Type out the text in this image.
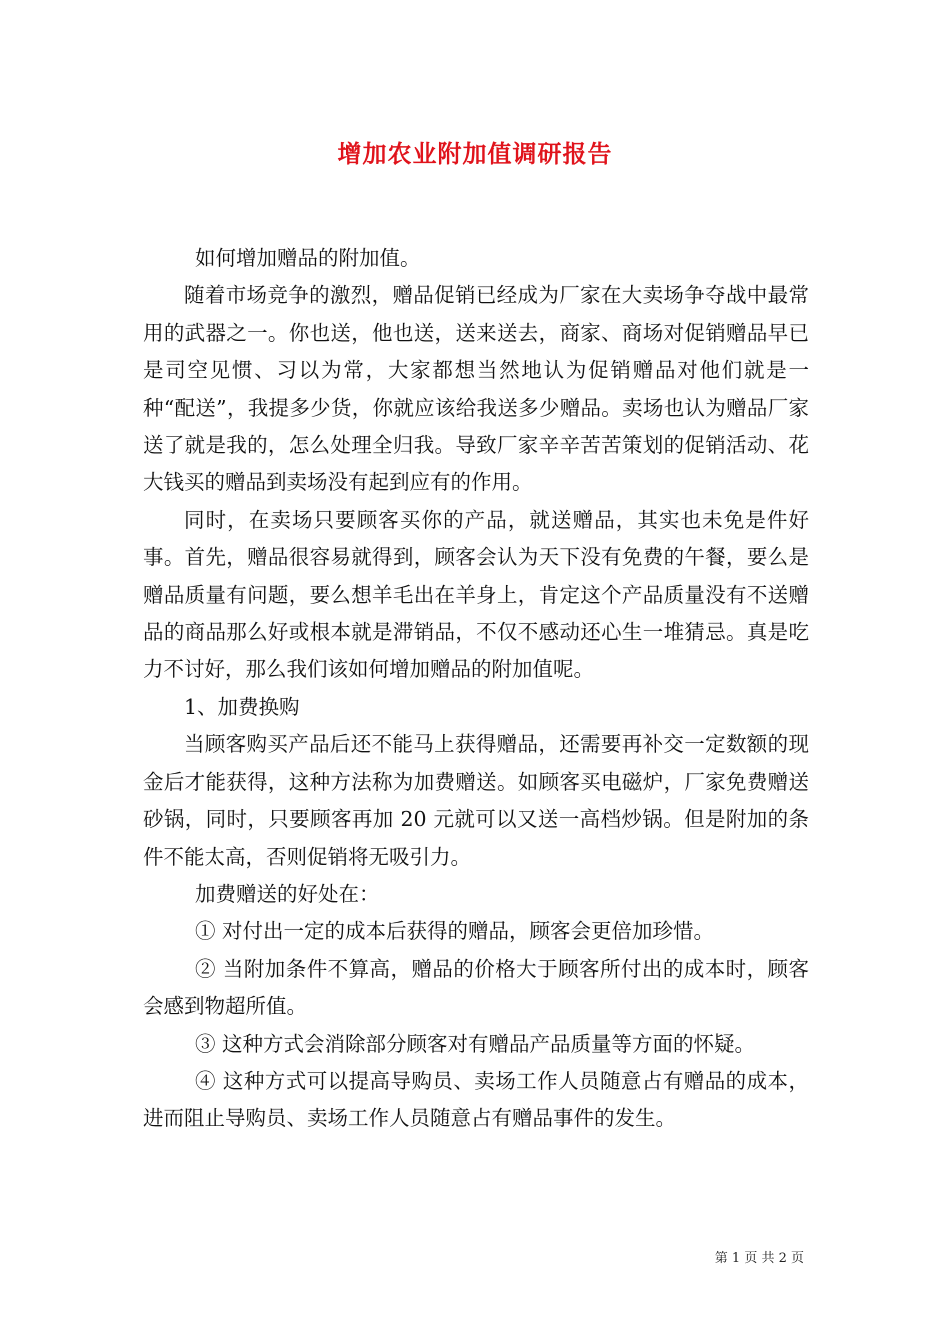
增加农业附加值调研报告

如何增加赠品的附加值。

随着市场竞争的激烈，赠品促销已经成为厂家在大卖场争夺战中最常用的武器之一。你也送，他也送，送来送去，商家、商场对促销赠品早已是司空见惯、习以为常，大家都想当然地认为促销赠品对他们就是一种“配送”，我提多少货，你就应该给我送多少赠品。卖场也认为赠品厂家送了就是我的，怎么处理全归我。导致厂家辛辛苦苦策划的促销活动、花大钱买的赠品到卖场没有起到应有的作用。

同时，在卖场只要顾客买你的产品，就送赠品，其实也未免是件好事。首先，赠品很容易就得到，顾客会认为天下没有免费的午餐，要么是赠品质量有问题，要么想羊毛出在羊身上，肯定这个产品质量没有不送赠品的商品那么好或根本就是滞销品，不仅不感动还心生一堆猜忌。真是吃力不讨好，那么我们该如何增加赠品的附加值呢。

1、加费换购

当顾客购买产品后还不能马上获得赠品，还需要再补交一定数额的现金后才能获得，这种方法称为加费赠送。如顾客买电磁炉，厂家免费赠送砂锅，同时，只要顾客再加 20 元就可以又送一高档炒锅。但是附加的条件不能太高，否则促销将无吸引力。

加费赠送的好处在：

① 对付出一定的成本后获得的赠品，顾客会更倍加珍惜。

② 当附加条件不算高，赠品的价格大于顾客所付出的成本时，顾客会感到物超所值。

③ 这种方式会消除部分顾客对有赠品产品质量等方面的怀疑。

④ 这种方式可以提高导购员、卖场工作人员随意占有赠品的成本，进而阻止导购员、卖场工作人员随意占有赠品事件的发生。

第 1 页 共 2 页
